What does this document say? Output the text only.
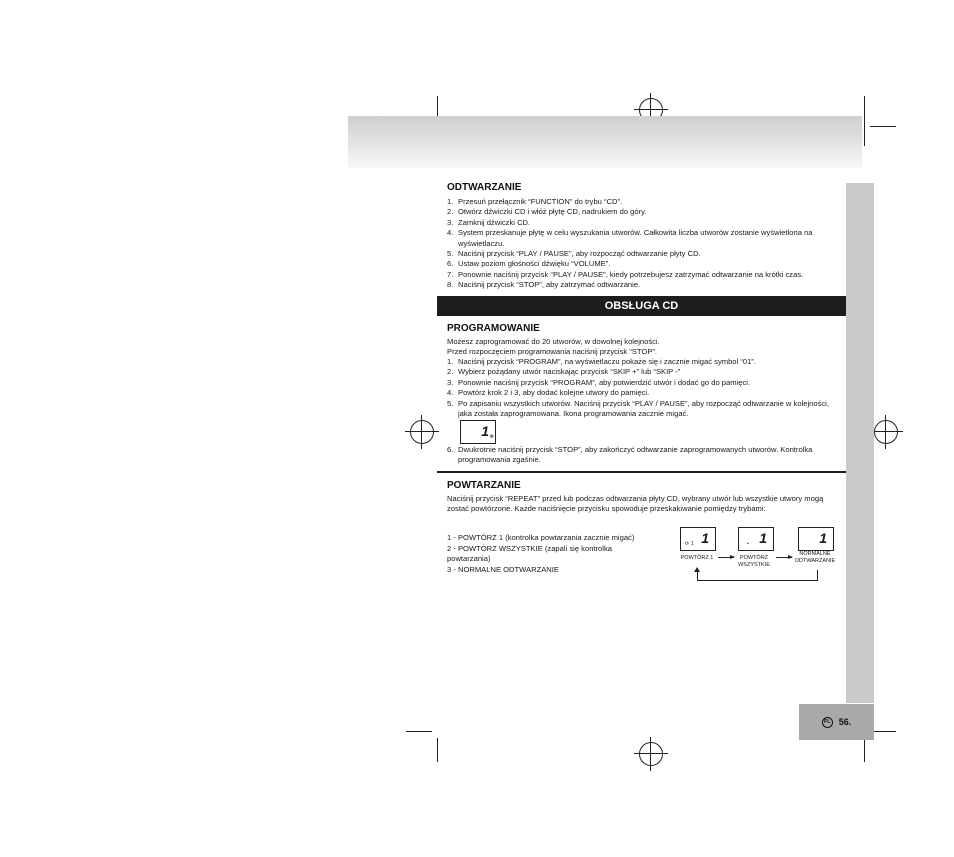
ODTWARZANIE
1. Przesuń przełącznik “FUNCTION” do trybu “CD”.
2. Otwórz dźwiczki CD i włóż płytę CD, nadrukiem do góry.
3. Zamknij dźwiczki CD.
4. System przeskanuje płytę w celu wyszukania utworów. Całkowita liczba utworów zostanie wyświetlona na wyświetlaczu.
5. Naciśnij przycisk “PLAY / PAUSE”, aby rozpocząć odtwarzanie płyty CD.
6. Ustaw poziom głośności dźwięku “VOLUME”.
7. Ponownie naciśnij przycisk “PLAY / PAUSE”, kiedy potrzebujesz zatrzymać odtwarzanie na krótki czas.
8. Naciśnij przycisk “STOP”, aby zatrzymać odtwarzanie.
OBSŁUGA CD
PROGRAMOWANIE

Możesz zaprogramować do 20 utworów, w dowolnej kolejności.

Przed rozpoczęciem programowania naciśnij przycisk “STOP”.

1. Naciśnij przycisk “PROGRAM”, na wyświetlaczu pokaże się i zacznie migać symbol “01”.
2. Wybierz pożądany utwór naciskając przycisk “SKIP +” lub “SKIP -”
3. Ponownie naciśnij przycisk “PROGRAM”, aby potwierdzić utwór i dodać go do pamięci.
4. Powtórz krok 2 i 3, aby dodać kolejne utwory do pamięci.
5. Po zapisaniu wszystkich utworów. Naciśnij przycisk “PLAY / PAUSE”, aby rozpocząć odtwarzanie w kolejności, jaka została zaprogramowana. Ikona programowania zacznie migać.
1 ✻
6. Dwukrotnie naciśnij przycisk “STOP”, aby zakończyć odtwarzanie zaprogramowanych utworów. Kontrolka programowania zgaśnie.
POWTARZANIE

Naciśnij przycisk “REPEAT” przed lub podczas odtwarzania płyty CD, wybrany utwór lub wszystkie utwory mogą zostać powtórzone. Każde naciśnięcie przycisku spowoduje przeskakiwanie pomiędzy trybami:

1 - POWTÓRZ 1 (kontrolka powtarzania zacznie migać)

2 - POWTÓRZ WSZYSTKIE (zapali się kontrolka powtarzania)

3 - NORMALNE ODTWARZANIE

1
⟳ 1	1
•	1
POWTÓRZ 1	POWTÓRZ WSZYSTKIE
NORMALNE ODTWARZANIE
PL 56.
